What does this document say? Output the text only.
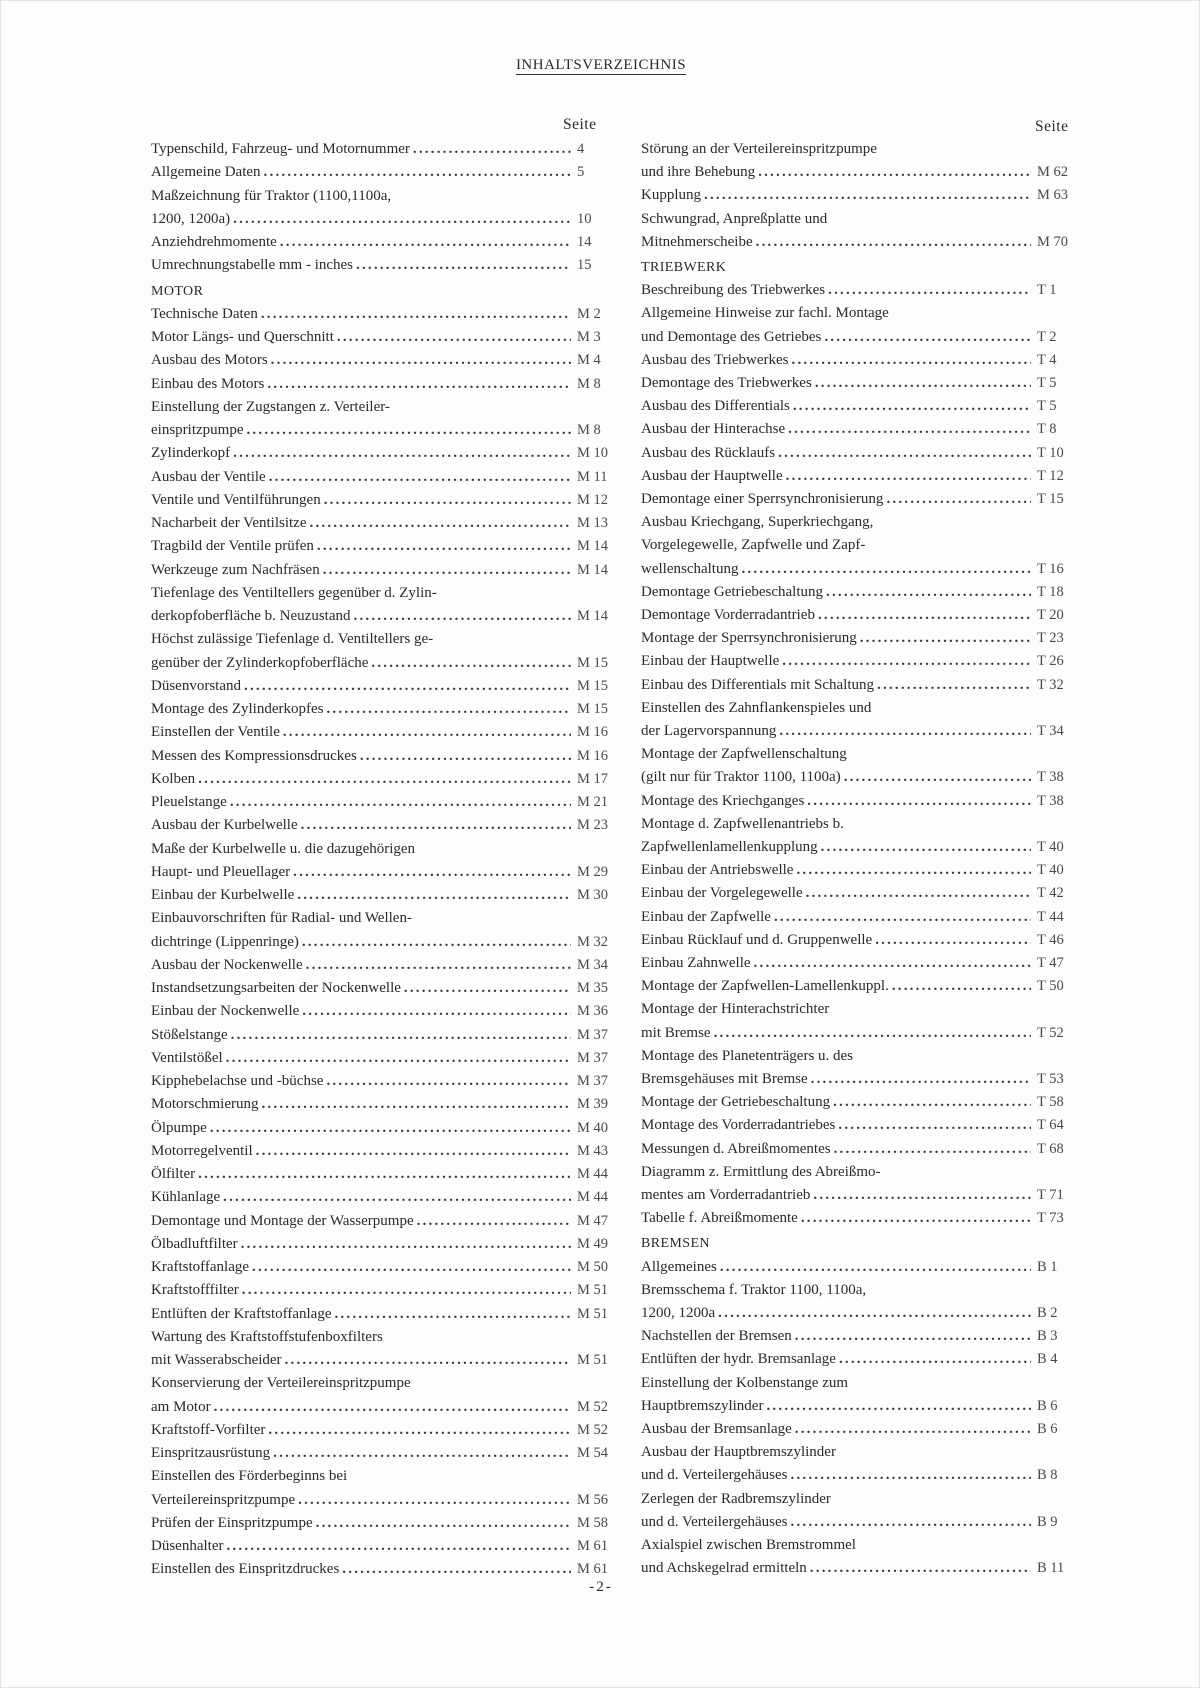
INHALTSVERZEICHNIS
Seite
Typenschild, Fahrzeug- und Motornummer .....	4
Allgemeine Daten .....	5
Maßzeichnung für Traktor (1100,1100a,
1200, 1200a) .....	10
Anziehdrehmomente .....	14
Umrechnungstabelle mm - inches .....	15
MOTOR
Technische Daten .....	M 2
Motor Längs- und Querschnitt .....	M 3
Ausbau des Motors .....	M 4
Einbau des Motors .....	M 8
Einstellung der Zugstangen z. Verteiler-
einspritzpumpe .....	M 8
Zylinderkopf .....	M 10
Ausbau der Ventile .....	M 11
Ventile und Ventilführungen .....	M 12
Nacharbeit der Ventilsitze .....	M 13
Tragbild der Ventile prüfen .....	M 14
Werkzeuge zum Nachfräsen .....	M 14
Tiefenlage des Ventiltellers gegenüber d. Zylin-
derkopfoberfläche b. Neuzustand .....	M 14
Höchst zulässige Tiefenlage d. Ventiltellers ge-
genüber der Zylinderkopfoberfläche .....	M 15
Düsenvorstand .....	M 15
Montage des Zylinderkopfes .....	M 15
Einstellen der Ventile .....	M 16
Messen des Kompressionsdruckes .....	M 16
Kolben .....	M 17
Pleuelstange .....	M 21
Ausbau der Kurbelwelle .....	M 23
Maße der Kurbelwelle u. die dazugehörigen
Haupt- und Pleuellager .....	M 29
Einbau der Kurbelwelle .....	M 30
Einbauvorschriften für Radial- und Wellen-
dichtringe (Lippenringe) .....	M 32
Ausbau der Nockenwelle .....	M 34
Instandsetzungsarbeiten der Nockenwelle .....	M 35
Einbau der Nockenwelle .....	M 36
Stößelstange .....	M 37
Ventilstößel .....	M 37
Kipphebelachse und -büchse .....	M 37
Motorschmierung .....	M 39
Ölpumpe .....	M 40
Motorregelventil .....	M 43
Ölfilter .....	M 44
Kühlanlage .....	M 44
Demontage und Montage der Wasserpumpe .....	M 47
Ölbadluftfilter .....	M 49
Kraftstoffanlage .....	M 50
Kraftstofffilter .....	M 51
Entlüften der Kraftstoffanlage .....	M 51
Wartung des Kraftstoffstufenboxfilters
mit Wasserabscheider .....	M 51
Konservierung der Verteilereinspritzpumpe
am Motor .....	M 52
Kraftstoff-Vorfilter .....	M 52
Einspritzausrüstung .....	M 54
Einstellen des Förderbeginns bei
Verteilereinspritzpumpe .....	M 56
Prüfen der Einspritzpumpe .....	M 58
Düsenhalter .....	M 61
Einstellen des Einspritzdruckes .....	M 61
Seite
Störung an der Verteilereinspritzpumpe
und ihre Behebung .....	M 62
Kupplung .....	M 63
Schwungrad, Anpreßplatte und
Mitnehmerscheibe .....	M 70
TRIEBWERK
Beschreibung des Triebwerkes .....	T 1
Allgemeine Hinweise zur fachl. Montage
und Demontage des Getriebes .....	T 2
Ausbau des Triebwerkes .....	T 4
Demontage des Triebwerkes .....	T 5
Ausbau des Differentials .....	T 5
Ausbau der Hinterachse .....	T 8
Ausbau des Rücklaufs .....	T 10
Ausbau der Hauptwelle .....	T 12
Demontage einer Sperrsynchronisierung .....	T 15
Ausbau Kriechgang, Superkriechgang,
Vorgelegewelle, Zapfwelle und Zapf-
wellenschaltung .....	T 16
Demontage Getriebeschaltung .....	T 18
Demontage Vorderradantrieb .....	T 20
Montage der Sperrsynchronisierung .....	T 23
Einbau der Hauptwelle .....	T 26
Einbau des Differentials mit Schaltung .....	T 32
Einstellen des Zahnflankenspieles und
der Lagervorspannung .....	T 34
Montage der Zapfwellenschaltung
(gilt nur für Traktor 1100, 1100a) .....	T 38
Montage des Kriechganges .....	T 38
Montage d. Zapfwellenantriebs b.
Zapfwellenlamellenkupplung .....	T 40
Einbau der Antriebswelle .....	T 40
Einbau der Vorgelegewelle .....	T 42
Einbau der Zapfwelle .....	T 44
Einbau Rücklauf und d. Gruppenwelle .....	T 46
Einbau Zahnwelle .....	T 47
Montage der Zapfwellen-Lamellenkuppl. .....	T 50
Montage der Hinterachstrichter
mit Bremse .....	T 52
Montage des Planetenträgers u. des
Bremsgehäuses mit Bremse .....	T 53
Montage der Getriebeschaltung .....	T 58
Montage des Vorderradantriebes .....	T 64
Messungen d. Abreißmomentes .....	T 68
Diagramm z. Ermittlung des Abreißmo-
mentes am Vorderradantrieb .....	T 71
Tabelle f. Abreißmomente .....	T 73
BREMSEN
Allgemeines .....	B 1
Bremsschema f. Traktor 1100, 1100a,
1200, 1200a .....	B 2
Nachstellen der Bremsen .....	B 3
Entlüften der hydr. Bremsanlage .....	B 4
Einstellung der Kolbenstange zum
Hauptbremszylinder .....	B 6
Ausbau der Bremsanlage .....	B 6
Ausbau der Hauptbremszylinder
und d. Verteilergehäuses .....	B 8
Zerlegen der Radbremszylinder
und d. Verteilergehäuses .....	B 9
Axialspiel zwischen Bremstrommel
und Achskegelrad ermitteln .....	B 11
-2-
